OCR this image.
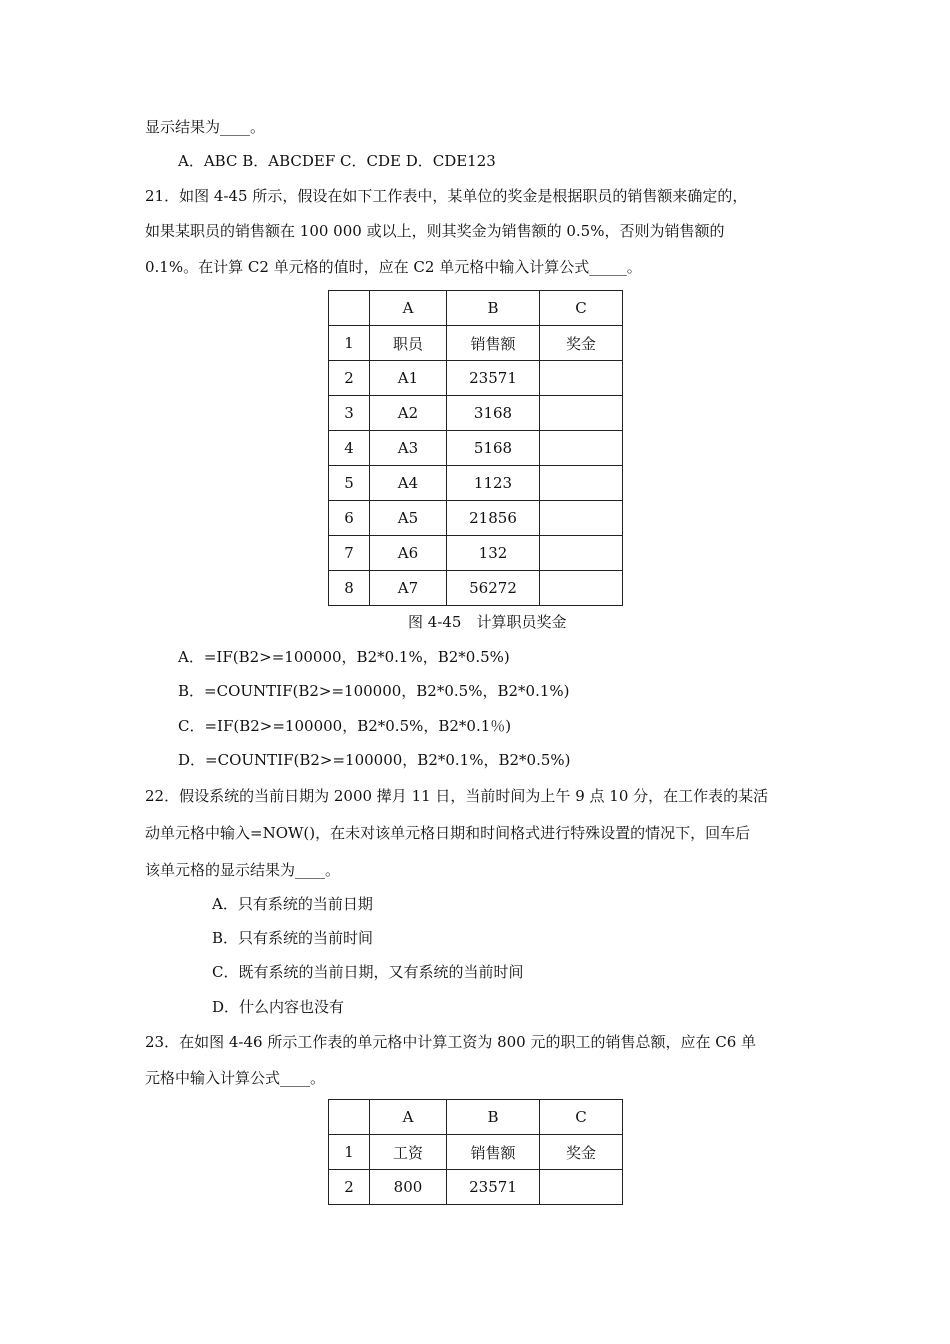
显示结果为____。
A．ABC B．ABCDEF C．CDE D．CDE123
21．如图 4-45 所示，假设在如下工作表中，某单位的奖金是根据职员的销售额来确定的，
如果某职员的销售额在 100 000 或以上，则其奖金为销售额的 0.5%，否则为销售额的
0.1%。在计算 C2 单元格的值时，应在 C2 单元格中输入计算公式_____。
	A	B	C
1	职员	销售额	奖金
2	A1	23571	
3	A2	3168	
4	A3	5168	
5	A4	1123	
6	A5	21856	
7	A6	132	
8	A7	56272	
图 4-45　计算职员奖金
A．=IF(B2>=100000，B2*0.1%，B2*0.5%)
B．=COUNTIF(B2>=100000，B2*0.5%，B2*0.1%)
C．=IF(B2>=100000，B2*0.5%，B2*0.1％)
D．=COUNTIF(B2>=100000，B2*0.1%，B2*0.5%)
22．假设系统的当前日期为 2000 撵月 11 日，当前时间为上午 9 点 10 分，在工作表的某活
动单元格中输入=NOW()，在未对该单元格日期和时间格式进行特殊设置的情况下，回车后
该单元格的显示结果为____。
A．只有系统的当前日期
B．只有系统的当前时间
C．既有系统的当前日期，又有系统的当前时间
D．什么内容也没有
23．在如图 4-46 所示工作表的单元格中计算工资为 800 元的职工的销售总额，应在 C6 单
元格中输入计算公式____。
	A	B	C
1	工资	销售额	奖金
2	800	23571	
